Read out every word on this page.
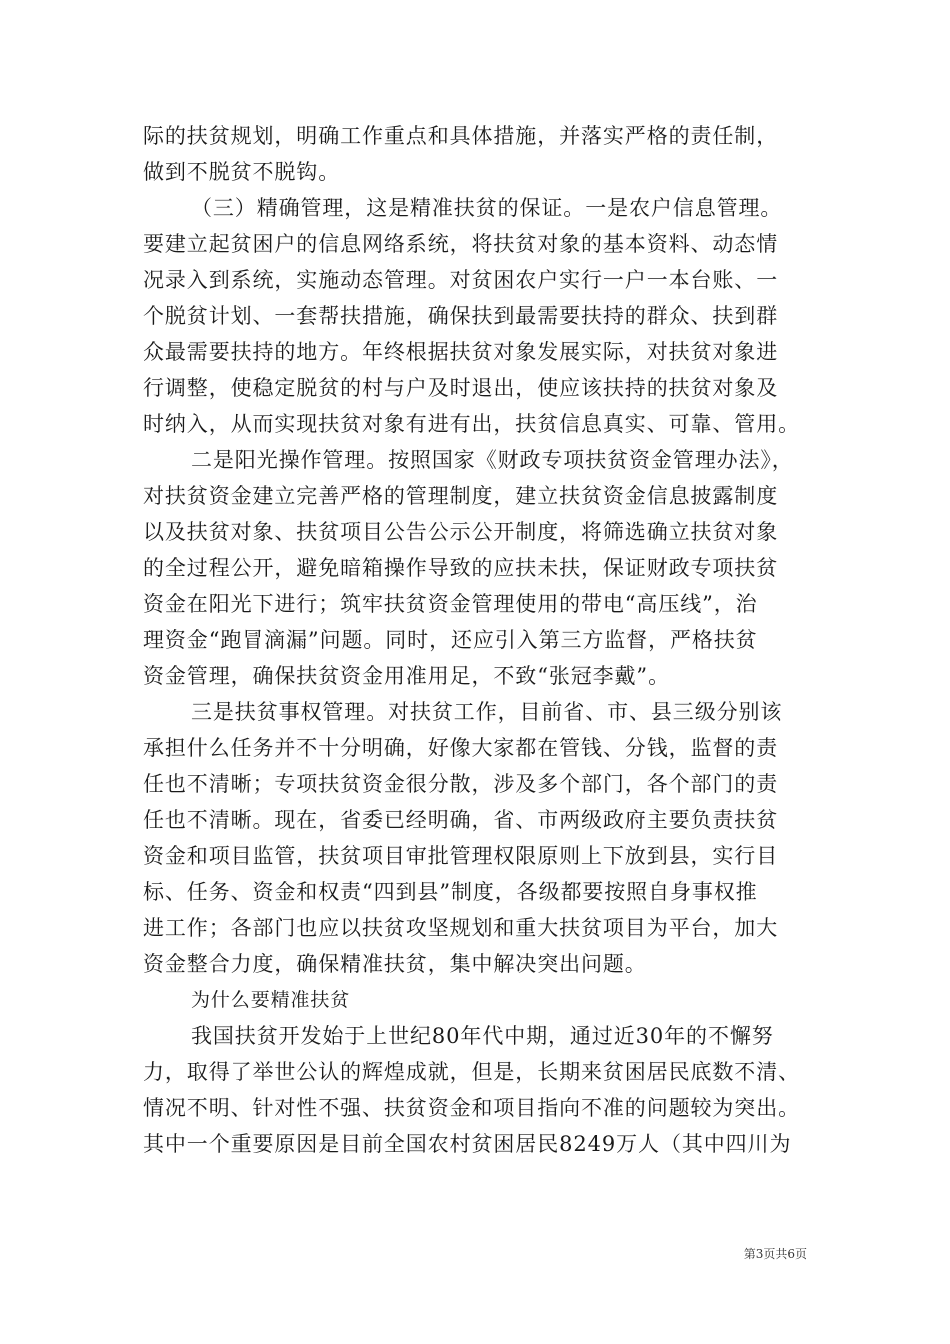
际的扶贫规划，明确工作重点和具体措施，并落实严格的责任制，
做到不脱贫不脱钩。
（三）精确管理，这是精准扶贫的保证。一是农户信息管理。
要建立起贫困户的信息网络系统，将扶贫对象的基本资料、动态情
况录入到系统，实施动态管理。对贫困农户实行一户一本台账、一
个脱贫计划、一套帮扶措施，确保扶到最需要扶持的群众、扶到群
众最需要扶持的地方。年终根据扶贫对象发展实际，对扶贫对象进
行调整，使稳定脱贫的村与户及时退出，使应该扶持的扶贫对象及
时纳入，从而实现扶贫对象有进有出，扶贫信息真实、可靠、管用。
二是阳光操作管理。按照国家《财政专项扶贫资金管理办法》，
对扶贫资金建立完善严格的管理制度，建立扶贫资金信息披露制度
以及扶贫对象、扶贫项目公告公示公开制度，将筛选确立扶贫对象
的全过程公开，避免暗箱操作导致的应扶未扶，保证财政专项扶贫
资金在阳光下进行；筑牢扶贫资金管理使用的带电“高压线”，治
理资金“跑冒滴漏”问题。同时，还应引入第三方监督，严格扶贫
资金管理，确保扶贫资金用准用足，不致“张冠李戴”。
三是扶贫事权管理。对扶贫工作，目前省、市、县三级分别该
承担什么任务并不十分明确，好像大家都在管钱、分钱，监督的责
任也不清晰；专项扶贫资金很分散，涉及多个部门，各个部门的责
任也不清晰。现在，省委已经明确，省、市两级政府主要负责扶贫
资金和项目监管，扶贫项目审批管理权限原则上下放到县，实行目
标、任务、资金和权责“四到县”制度，各级都要按照自身事权推
进工作；各部门也应以扶贫攻坚规划和重大扶贫项目为平台，加大
资金整合力度，确保精准扶贫，集中解决突出问题。
为什么要精准扶贫
我国扶贫开发始于上世纪80年代中期，通过近30年的不懈努
力，取得了举世公认的辉煌成就，但是，长期来贫困居民底数不清、
情况不明、针对性不强、扶贫资金和项目指向不准的问题较为突出。
其中一个重要原因是目前全国农村贫困居民8249万人（其中四川为
第3页共6页
